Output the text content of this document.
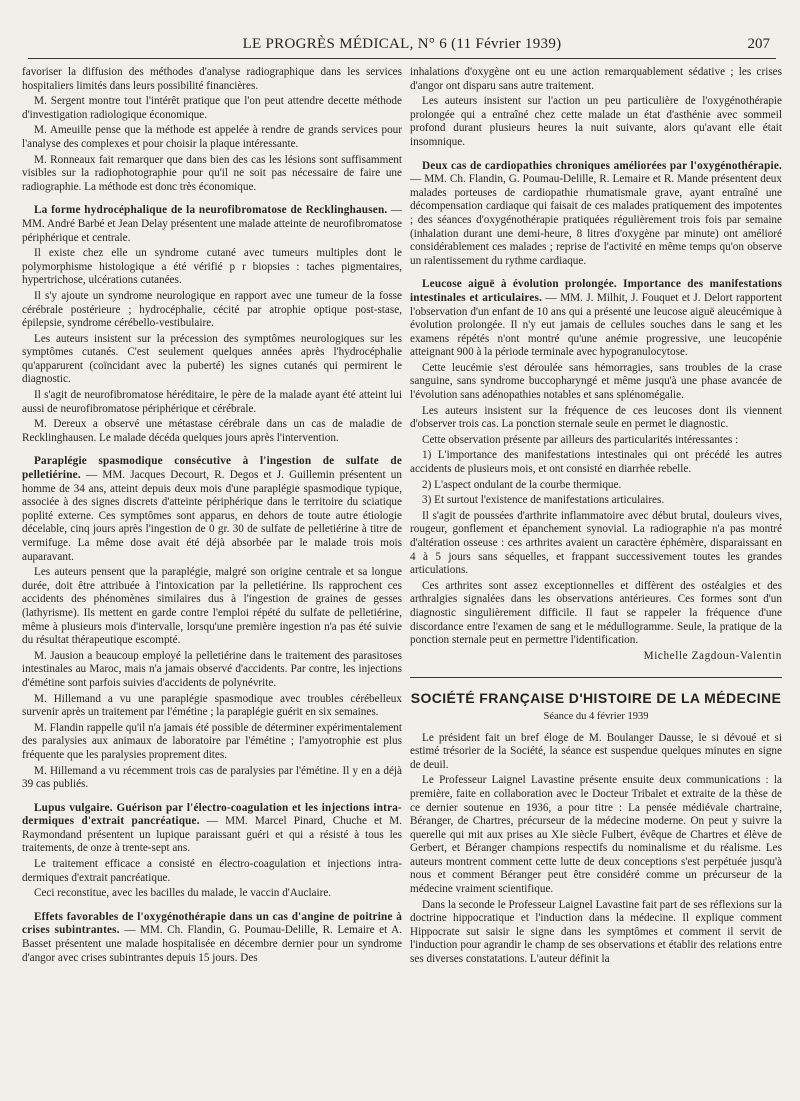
LE PROGRÈS MÉDICAL, N° 6 (11 Février 1939)	207

favoriser la diffusion des méthodes d'analyse radiographique dans les services hospitaliers limités dans leurs possibilité financières.

M. Sergent montre tout l'intérêt pratique que l'on peut attendre decette méthode d'investigation radiologique économique.

M. Ameuille pense que la méthode est appelée à rendre de grands services pour l'analyse des complexes et pour choisir la plaque intéressante.

M. Ronneaux fait remarquer que dans bien des cas les lésions sont suffisamment visibles sur la radiophotographie pour qu'il ne soit pas nécessaire de faire une radiographie. La méthode est donc très économique.

La forme hydrocéphalique de la neurofibromatose de Recklinghausen. — MM. André Barbé et Jean Delay présentent une malade atteinte de neurofibromatose périphérique et centrale.

Il existe chez elle un syndrome cutané avec tumeurs multiples dont le polymorphisme histologique a été vérifié p r biopsies : taches pigmentaires, hypertrichose, ulcérations cutanées.

Il s'y ajoute un syndrome neurologique en rapport avec une tumeur de la fosse cérébrale postérieure ; hydrocéphalie, cécité par atrophie optique post-stase, épilepsie, syndrome cérébello-vestibulaire.

Les auteurs insistent sur la précession des symptômes neurologiques sur les symptômes cutanés. C'est seulement quelques années après l'hydrocéphalie qu'apparurent (coïncidant avec la puberté) les signes cutanés qui permirent le diagnostic.

Il s'agit de neurofibromatose héréditaire, le père de la malade ayant été atteint lui aussi de neurofibromatose périphérique et cérébrale.

M. Dereux a observé une métastase cérébrale dans un cas de maladie de Recklinghausen. Le malade décéda quelques jours après l'intervention.

Paraplégie spasmodique consécutive à l'ingestion de sulfate de pelletiérine. — MM. Jacques Decourt, R. Degos et J. Guillemin présentent un homme de 34 ans, atteint depuis deux mois d'une paraplégie spasmodique typique, associée à des signes discrets d'atteinte périphérique dans le territoire du sciatique poplité externe. Ces symptômes sont apparus, en dehors de toute autre étiologie décelable, cinq jours après l'ingestion de 0 gr. 30 de sulfate de pelletiérine à titre de vermifuge. La même dose avait été déjà absorbée par le malade trois mois auparavant.

Les auteurs pensent que la paraplégie, malgré son origine centrale et sa longue durée, doit être attribuée à l'intoxication par la pelletiérine. Ils rapprochent ces accidents des phénomènes similaires dus à l'ingestion de graines de gesses (lathyrisme). Ils mettent en garde contre l'emploi répété du sulfate de pelletiérine, même à plusieurs mois d'intervalle, lorsqu'une première ingestion n'a pas été suivie du résultat thérapeutique escompté.

M. Jausion a beaucoup employé la pelletiérine dans le traitement des parasitoses intestinales au Maroc, mais n'a jamais observé d'accidents. Par contre, les injections d'émétine sont parfois suivies d'accidents de polynévrite.

M. Hillemand a vu une paraplégie spasmodique avec troubles cérébelleux survenir après un traitement par l'émétine ; la paraplégie guérit en six semaines.

M. Flandin rappelle qu'il n'a jamais été possible de déterminer expérimentalement des paralysies aux animaux de laboratoire par l'émétine ; l'amyotrophie est plus fréquente que les paralysies proprement dites.

M. Hillemand a vu récemment trois cas de paralysies par l'émétine. Il y en a déjà 39 cas publiés.

Lupus vulgaire. Guérison par l'électro-coagulation et les injections intra-dermiques d'extrait pancréatique. — MM. Marcel Pinard, Chuche et M. Raymondand présentent un lupique paraissant guéri et qui a résisté à tous les traitements, de onze à trente-sept ans.

Le traitement efficace a consisté en électro-coagulation et injections intra-dermiques d'extrait pancréatique.

Ceci reconstitue, avec les bacilles du malade, le vaccin d'Auclaire.

Effets favorables de l'oxygénothérapie dans un cas d'angine de poitrine à crises subintrantes. — MM. Ch. Flandin, G. Poumau-Delille, R. Lemaire et A. Basset présentent une malade hospitalisée en décembre dernier pour un syndrome d'angor avec crises subintrantes depuis 15 jours. Des

inhalations d'oxygène ont eu une action remarquablement sédative ; les crises d'angor ont disparu sans autre traitement.

Les auteurs insistent sur l'action un peu particulière de l'oxygénothérapie prolongée qui a entraîné chez cette malade un état d'asthénie avec sommeil profond durant plusieurs heures la nuit suivante, alors qu'avant elle était insomnique.

Deux cas de cardiopathies chroniques améliorées par l'oxygénothérapie. — MM. Ch. Flandin, G. Poumau-Delille, R. Lemaire et R. Mande présentent deux malades porteuses de cardiopathie rhumatismale grave, ayant entraîné une décompensation cardiaque qui faisait de ces malades pratiquement des impotentes ; des séances d'oxygénothérapie pratiquées régulièrement trois fois par semaine (inhalation durant une demi-heure, 8 litres d'oxygène par minute) ont amélioré considérablement ces malades ; reprise de l'activité en même temps qu'on observe un ralentissement du rythme cardiaque.

Leucose aiguë à évolution prolongée. Importance des manifestations intestinales et articulaires. — MM. J. Milhit, J. Fouquet et J. Delort rapportent l'observation d'un enfant de 10 ans qui a présenté une leucose aiguë aleucémique à évolution prolongée. Il n'y eut jamais de cellules souches dans le sang et les examens répétés n'ont montré qu'une anémie progressive, une leucopénie atteignant 900 à la période terminale avec hypogranulocytose.

Cette leucémie s'est déroulée sans hémorragies, sans troubles de la crase sanguine, sans syndrome buccopharyngé et même jusqu'à une phase avancée de l'évolution sans adénopathies notables et sans splénomégalie.

Les auteurs insistent sur la fréquence de ces leucoses dont ils viennent d'observer trois cas. La ponction sternale seule en permet le diagnostic.

Cette observation présente par ailleurs des particularités intéressantes :

1) L'importance des manifestations intestinales qui ont précédé les autres accidents de plusieurs mois, et ont consisté en diarrhée rebelle.

2) L'aspect ondulant de la courbe thermique.

3) Et surtout l'existence de manifestations articulaires.

Il s'agit de poussées d'arthrite inflammatoire avec début brutal, douleurs vives, rougeur, gonflement et épanchement synovial. La radiographie n'a pas montré d'altération osseuse : ces arthrites avaient un caractère éphémère, disparaissant en 4 à 5 jours sans séquelles, et frappant successivement toutes les grandes articulations.

Ces arthrites sont assez exceptionnelles et diffèrent des ostéalgies et des arthralgies signalées dans les observations antérieures. Ces formes sont d'un diagnostic singulièrement difficile. Il faut se rappeler la fréquence d'une discordance entre l'examen de sang et le médullogramme. Seule, la pratique de la ponction sternale peut en permettre l'identification.

Michelle Zagdoun-Valentin
SOCIÉTÉ FRANÇAISE D'HISTOIRE DE LA MÉDECINE
Séance du 4 février 1939

Le président fait un bref éloge de M. Boulanger Dausse, le si dévoué et si estimé trésorier de la Société, la séance est suspendue quelques minutes en signe de deuil.

Le Professeur Laignel Lavastine présente ensuite deux communications : la première, faite en collaboration avec le Docteur Tribalet et extraite de la thèse de ce dernier soutenue en 1936, a pour titre : La pensée médiévale chartraine, Béranger, de Chartres, précurseur de la médecine moderne. On peut y suivre la querelle qui mit aux prises au XIe siècle Fulbert, évêque de Chartres et élève de Gerbert, et Béranger champions respectifs du nominalisme et du réalisme. Les auteurs montrent comment cette lutte de deux conceptions s'est perpétuée jusqu'à nous et comment Béranger peut être considéré comme un précurseur de la médecine vraiment scientifique.

Dans la seconde le Professeur Laignel Lavastine fait part de ses réflexions sur la doctrine hippocratique et l'induction dans la médecine. Il explique comment Hippocrate sut saisir le signe dans les symptômes et comment il servit de l'induction pour agrandir le champ de ses observations et établir des relations entre ses diverses constatations. L'auteur définit la
